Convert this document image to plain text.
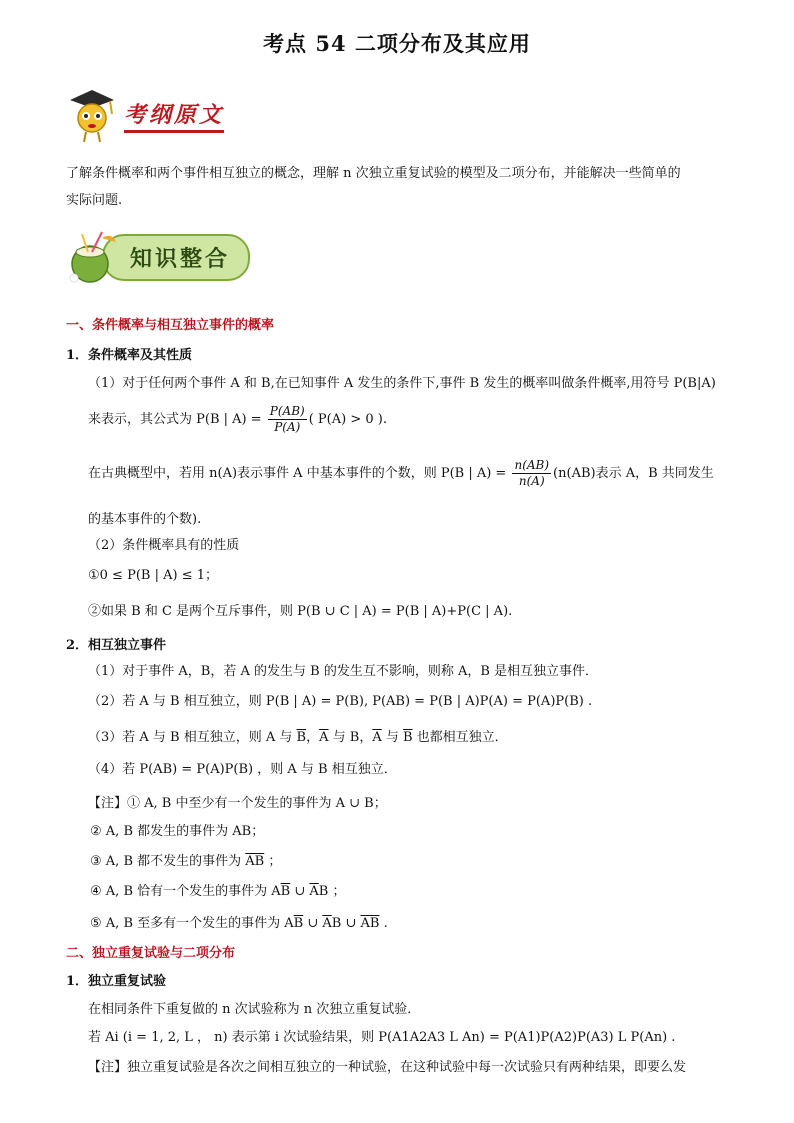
考点 54 二项分布及其应用
考纲原文
了解条件概率和两个事件相互独立的概念，理解 n 次独立重复试验的模型及二项分布，并能解决一些简单的
实际问题.
知识整合
一、条件概率与相互独立事件的概率
1．条件概率及其性质
（1）对于任何两个事件 A 和 B,在已知事件 A 发生的条件下,事件 B 发生的概率叫做条件概率,用符号 P(B|A)
来表示，其公式为 P(B | $A) = \frac{P(AB)}{P(A)}$ ( P(A) > 0 ).
在古典概型中，若用 n(A)表示事件 A 中基本事件的个数，则 P(B | $A) = \frac{n(AB)}{n(A)} (n(AB)$表示 A，B 共同发生
的基本事件的个数).
（2）条件概率具有的性质
①0 ≤ P(B | A) ≤ 1；
②如果 B 和 C 是两个互斥事件，则 P(B ∪ C | A) = P(B | A)+P(C | A).
2．相互独立事件
（1）对于事件 A，B，若 A 的发生与 B 的发生互不影响，则称 A，B 是相互独立事件．
（2）若 A 与 B 相互独立，则 P(B | A) = P(B), P(AB) = P(B | A)P(A) = P(A)P(B) .
（3）若 A 与 B 相互独立，则 A 与 $\overline{B}$，$\overline{A}$ 与 B，$\overline{A}$ 与 $\overline{B}$ 也都相互独立．
（4）若 P(AB) = P(A)P(B) ，则 A 与 B 相互独立．
【注】① A, B 中至少有一个发生的事件为 A ∪ B；
② A, B 都发生的事件为 AB；
③ A, B 都不发生的事件为 $\overline{AB}$ ；
④ A, B 恰有一个发生的事件为 $A\overline{B}$ ∪ $\overline{A}B$ ；
⑤ A, B 至多有一个发生的事件为 $A\overline{B}$ ∪ $\overline{A}B$ ∪ $\overline{AB}$ .
二、独立重复试验与二项分布
1．独立重复试验
在相同条件下重复做的 n 次试验称为 n 次独立重复试验．
若 Ai (i = 1, 2, L ， n) 表示第 i 次试验结果，则 P(A1A2A3 L An) = P(A1)P(A2)P(A3) L P(An) .
【注】独立重复试验是各次之间相互独立的一种试验，在这种试验中每一次试验只有两种结果，即要么发
